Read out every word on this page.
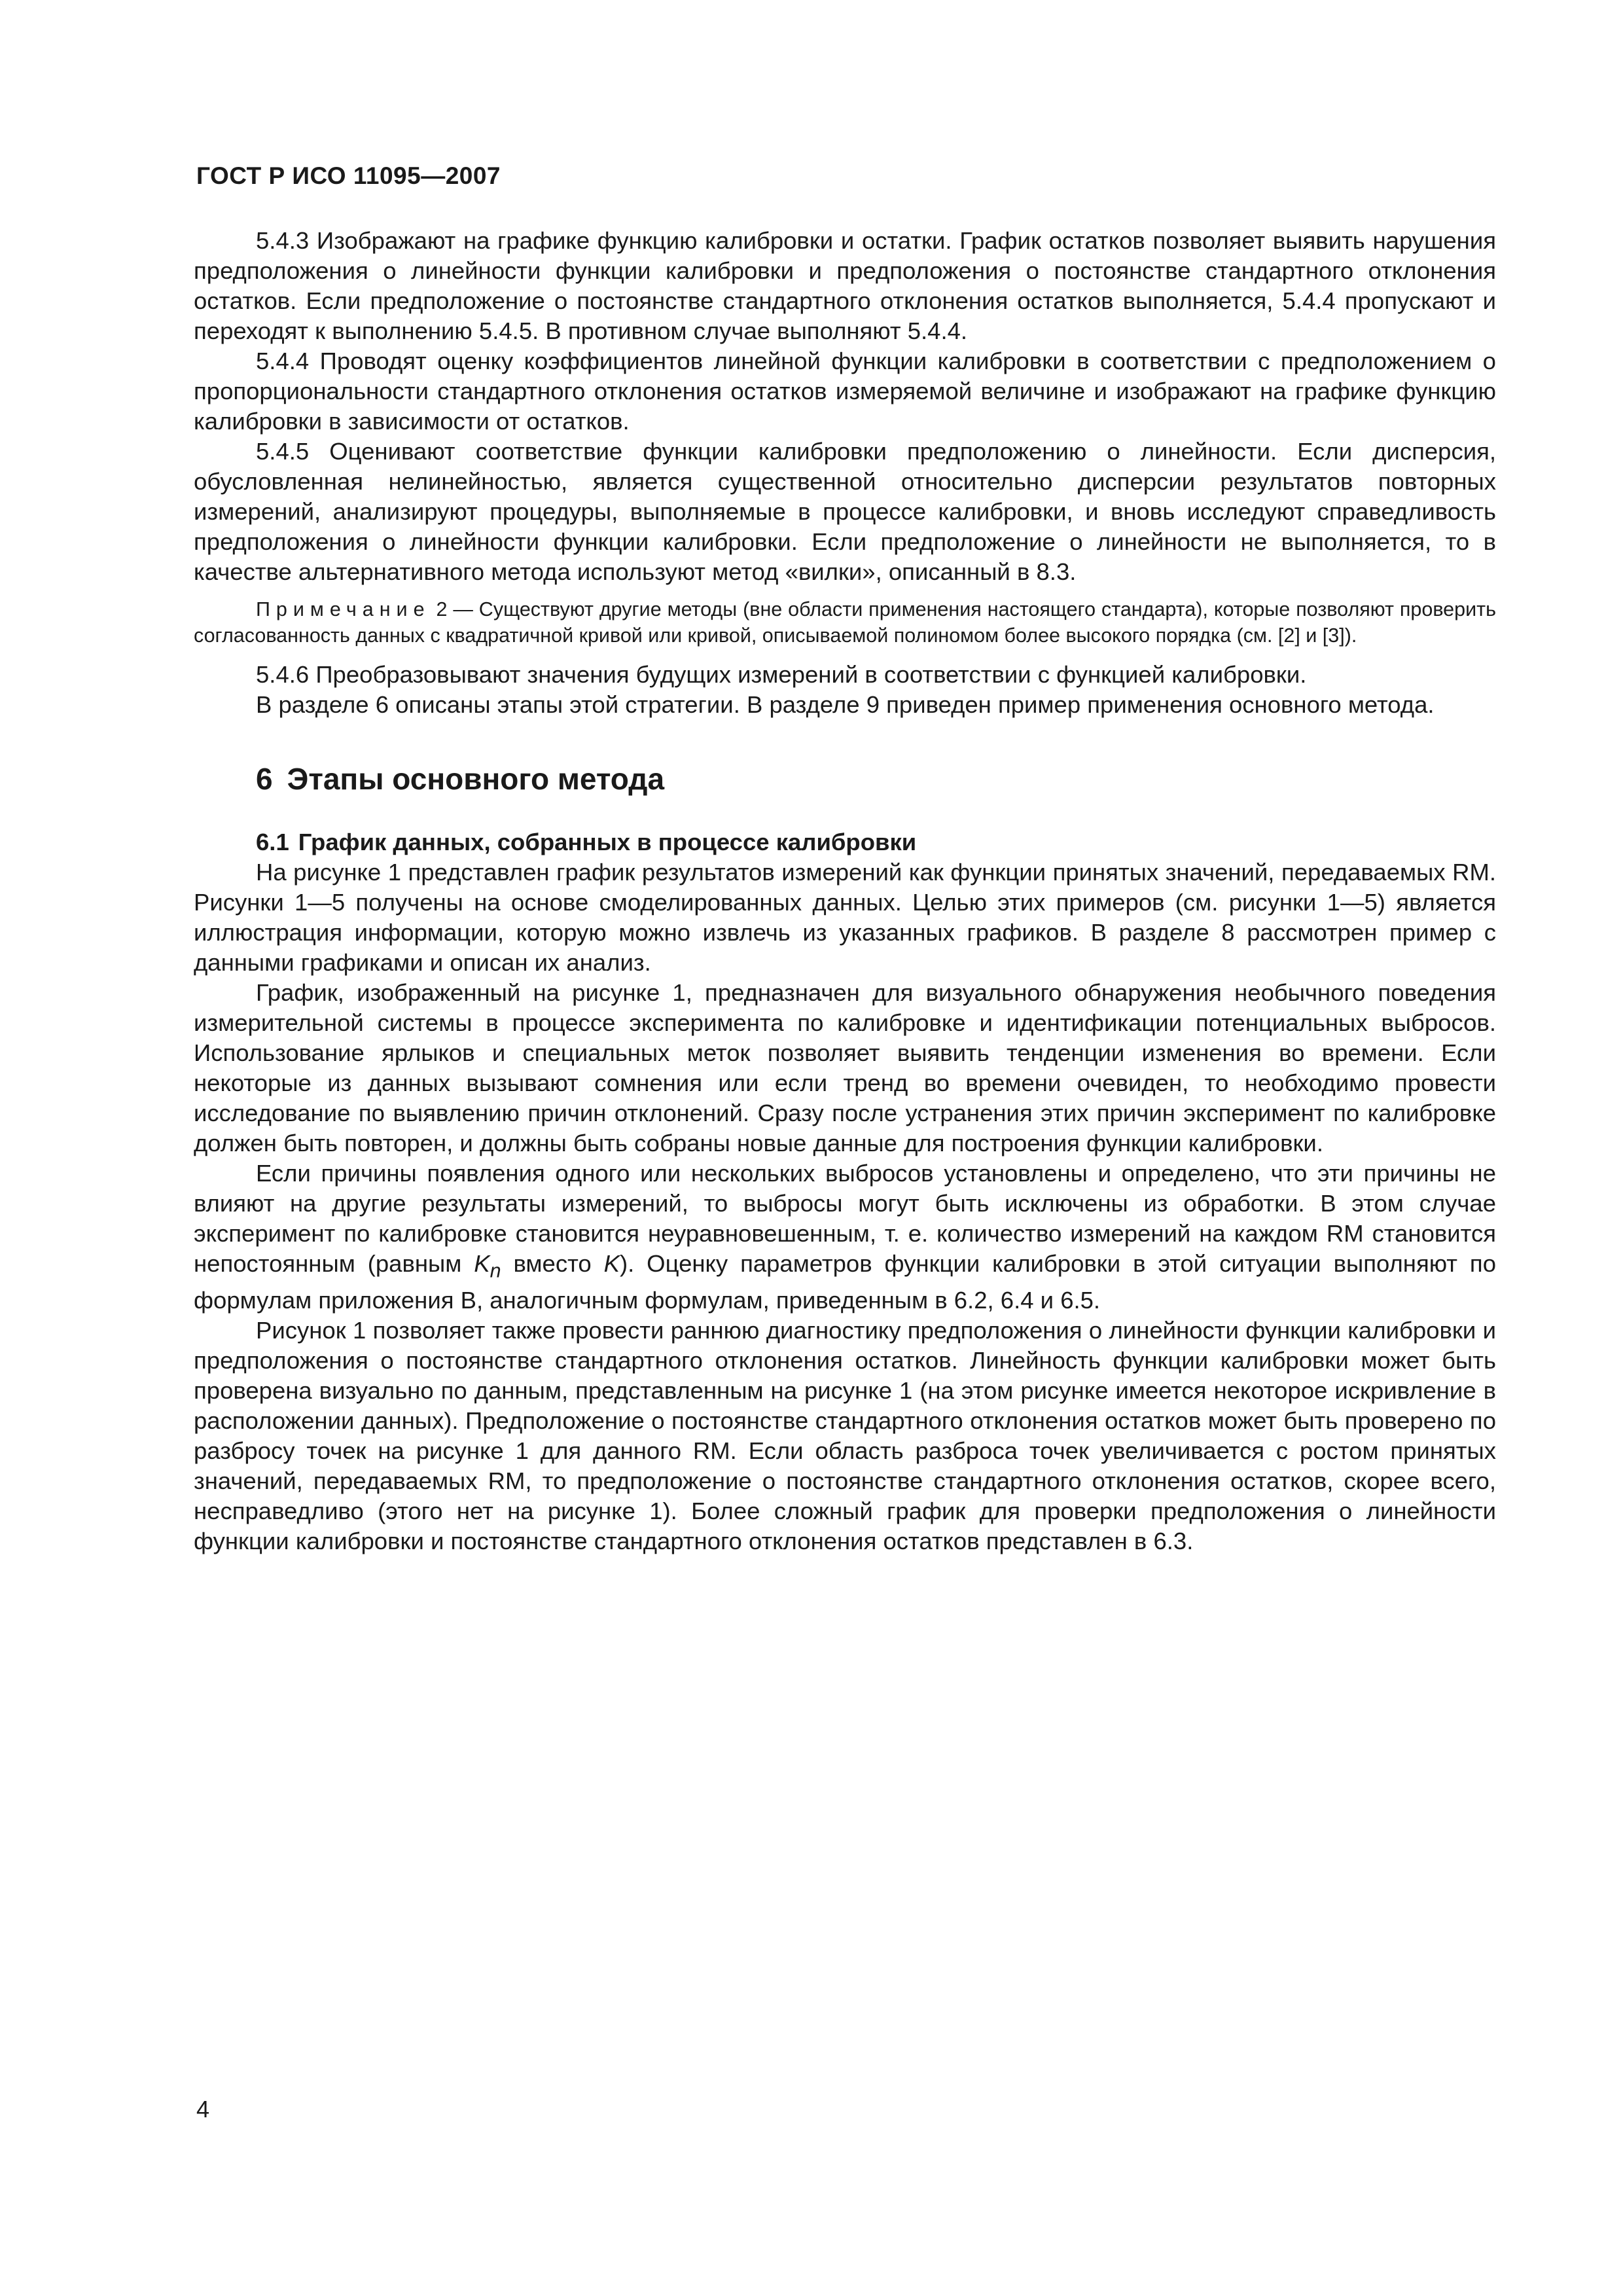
ГОСТ Р ИСО 11095—2007

5.4.3 Изображают на графике функцию калибровки и остатки. График остатков позволяет выявить нарушения предположения о линейности функции калибровки и предположения о постоянстве стандартного отклонения остатков. Если предположение о постоянстве стандартного отклонения остатков выполняется, 5.4.4 пропускают и переходят к выполнению 5.4.5. В противном случае выполняют 5.4.4.

5.4.4 Проводят оценку коэффициентов линейной функции калибровки в соответствии с предположением о пропорциональности стандартного отклонения остатков измеряемой величине и изображают на графике функцию калибровки в зависимости от остатков.

5.4.5 Оценивают соответствие функции калибровки предположению о линейности. Если дисперсия, обусловленная нелинейностью, является существенной относительно дисперсии результатов повторных измерений, анализируют процедуры, выполняемые в процессе калибровки, и вновь исследуют справедливость предположения о линейности функции калибровки. Если предположение о линейности не выполняется, то в качестве альтернативного метода используют метод «вилки», описанный в 8.3.

Примечание 2 — Существуют другие методы (вне области применения настоящего стандарта), которые позволяют проверить согласованность данных с квадратичной кривой или кривой, описываемой полиномом более высокого порядка (см. [2] и [3]).

5.4.6 Преобразовывают значения будущих измерений в соответствии с функцией калибровки.

В разделе 6 описаны этапы этой стратегии. В разделе 9 приведен пример применения основного метода.

6 Этапы основного метода
6.1 График данных, собранных в процессе калибровки

На рисунке 1 представлен график результатов измерений как функции принятых значений, передаваемых RM. Рисунки 1—5 получены на основе смоделированных данных. Целью этих примеров (см. рисунки 1—5) является иллюстрация информации, которую можно извлечь из указанных графиков. В разделе 8 рассмотрен пример с данными графиками и описан их анализ.

График, изображенный на рисунке 1, предназначен для визуального обнаружения необычного поведения измерительной системы в процессе эксперимента по калибровке и идентификации потенциальных выбросов. Использование ярлыков и специальных меток позволяет выявить тенденции изменения во времени. Если некоторые из данных вызывают сомнения или если тренд во времени очевиден, то необходимо провести исследование по выявлению причин отклонений. Сразу после устранения этих причин эксперимент по калибровке должен быть повторен, и должны быть собраны новые данные для построения функции калибровки.

Если причины появления одного или нескольких выбросов установлены и определено, что эти причины не влияют на другие результаты измерений, то выбросы могут быть исключены из обработки. В этом случае эксперимент по калибровке становится неуравновешенным, т. е. количество измерений на каждом RM становится непостоянным (равным $K_n$ вместо K). Оценку параметров функции калибровки в этой ситуации выполняют по формулам приложения В, аналогичным формулам, приведенным в 6.2, 6.4 и 6.5.

Рисунок 1 позволяет также провести раннюю диагностику предположения о линейности функции калибровки и предположения о постоянстве стандартного отклонения остатков. Линейность функции калибровки может быть проверена визуально по данным, представленным на рисунке 1 (на этом рисунке имеется некоторое искривление в расположении данных). Предположение о постоянстве стандартного отклонения остатков может быть проверено по разбросу точек на рисунке 1 для данного RM. Если область разброса точек увеличивается с ростом принятых значений, передаваемых RM, то предположение о постоянстве стандартного отклонения остатков, скорее всего, несправедливо (этого нет на рисунке 1). Более сложный график для проверки предположения о линейности функции калибровки и постоянстве стандартного отклонения остатков представлен в 6.3.

4
